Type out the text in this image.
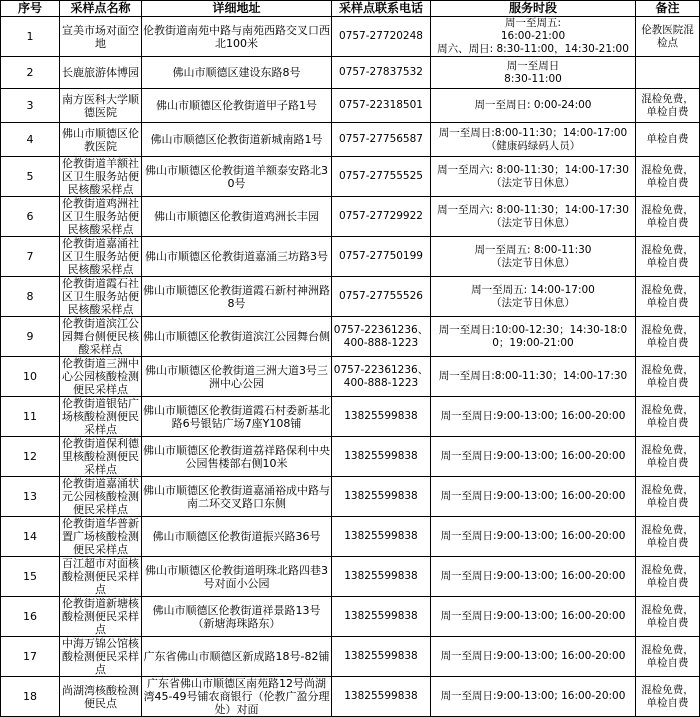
序号	采样点名称	详细地址	采样点联系电话	服务时段	备注
1	宣美市场对面空地	伦教街道南苑中路与南苑西路交叉口西北100米	0757-27720248	周一至周五:
16:00-21:00
周六、周日: 8:30-11:00，14:30-21:00	伦教医院混检点
2	长鹿旅游体博园	佛山市顺德区建设东路8号	0757-27837532	周一至周日
8:30-11:00	

3	南方医科大学顺德医院	佛山市顺德区伦教街道甲子路1号	0757-22318501	周一至周日: 0:00-24:00	混检免费，单检自费
4	佛山市顺德区伦教医院	佛山市顺德区伦教街道新城南路1号	0757-27756587	周一至周日:8:00-11:30；14:00-17:00
（健康码绿码人员）	单检自费
5	伦教街道羊额社区卫生服务站便民核酸采样点	佛山市顺德区伦教街道羊额泰安路北30号	0757-27755525	周一至周六: 8:00-11:30；14:00-17:30
（法定节日休息）	混检免费，单检自费
6	伦教街道鸡洲社区卫生服务站便民核酸采样点	佛山市顺德区伦教街道鸡洲长丰园	0757-27729922	周一至周六: 8:00-11:30；14:00-17:30
（法定节日休息）	混检免费，单检自费
7	伦教街道嘉涌社区卫生服务站便民核酸采样点	佛山市顺德区伦教街道嘉涌三坊路3号	0757-27750199	周一至周五: 8:00-11:30
（法定节日休息）	混检免费，单检自费
8	伦教街道霞石社区卫生服务站便民核酸采样点	佛山市顺德区伦教街道霞石新村神洲路8号	0757-27755526	周一至周五: 14:00-17:00
（法定节日休息）	混检免费，单检自费
9	伦教街道滨江公园舞台侧便民核酸采样点	佛山市顺德区伦教街道滨江公园舞台侧	0757-22361236、400-888-1223	周一至周日:10:00-12:30；14:30-18:00；19:00-21:00	混检免费，单检自费
10	伦教街道三洲中心公园核酸检测便民采样点	佛山市顺德区伦教街道三洲大道3号三洲中心公园	0757-22361236、400-888-1223	周一至周日:8:00-11:30；14:00-17:30	混检免费，单检自费
11	伦教街道银钻广场核酸检测便民采样点	佛山市顺德区伦教街道霞石村委新基北路6号银钻广场7座Y108铺	13825599838	周一至周日:9:00-13:00; 16:00-20:00	混检免费，单检自费
12	伦教街道保利德里核酸检测便民采样点	佛山市顺德区伦教街道荔祥路保利中央公园售楼部右侧10米	13825599838	周一至周日:9:00-13:00; 16:00-20:00	混检免费，单检自费
13	伦教街道嘉涌状元公园核酸检测便民采样点	佛山市顺德区伦教街道嘉涌裕成中路与南二环交叉路口东侧	13825599838	周一至周日:9:00-13:00; 16:00-20:00	混检免费，单检自费
14	伦教街道华普新置广场核酸检测便民采样点	佛山市顺德区伦教街道振兴路36号	13825599838	周一至周日:9:00-13:00; 16:00-20:00	混检免费，单检自费
15	百江超市对面核酸检测便民采样点	佛山市顺德区伦教街道明珠北路四巷3号对面小公园	13825599838	周一至周日:9:00-13:00; 16:00-20:00	混检免费，单检自费
16	伦教街道新塘核酸检测便民采样点	佛山市顺德区伦教街道祥景路13号（新塘海珠路东）	13825599838	周一至周日:9:00-13:00; 16:00-20:00	混检免费，单检自费
17	中海万锦公馆核酸检测便民采样点	广东省佛山市顺德区新成路18号-82铺	13825599838	周一至周日:9:00-13:00; 16:00-20:00	混检免费，单检自费
18	尚湖湾核酸检测便民点	广东省佛山市顺德区南苑路12号尚湖湾45-49号铺农商银行（伦教广盈分理处）对面	13825599838	周一至周日:9:00-13:00; 16:00-20:00	混检免费，单检自费
